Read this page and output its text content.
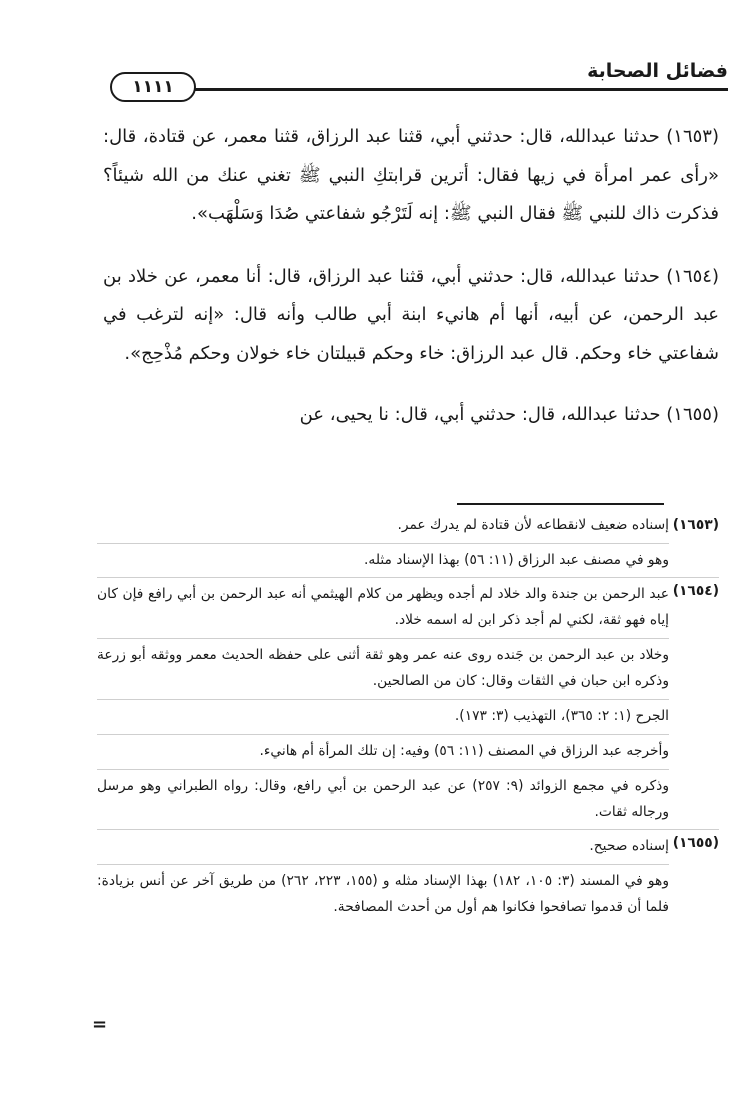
١١١١
فضائل الصحابة

(١٦٥٣) حدثنا عبدالله، قال: حدثني أبي، قثنا عبد الرزاق، قثنا معمر، عن قتادة، قال: «رأى عمر امرأة في زيها فقال: أترين قرابتكِ النبي ﷺ تغني عنك من الله شيئاً؟ فذكرت ذاك للنبي ﷺ فقال النبي ﷺ: إنه لَتَرْجُو شفاعتي صُدَا وَسَلْهَب».

(١٦٥٤) حدثنا عبدالله، قال: حدثني أبي، قثنا عبد الرزاق، قال: أنا معمر، عن خلاد بن عبد الرحمن، عن أبيه، أنها أم هانيء ابنة أبي طالب وأنه قال: «إنه لترغب في شفاعتي خاء وحكم. قال عبد الرزاق: خاء وحكم قبيلتان خاء خولان وحكم مُذْحِج».

(١٦٥٥) حدثنا عبدالله، قال: حدثني أبي، قال: نا يحيى، عن

(١٦٥٣)

إسناده ضعيف لانقطاعه لأن قتادة لم يدرك عمر.

وهو في مصنف عبد الرزاق (١١: ٥٦) بهذا الإسناد مثله.

(١٦٥٤)

عبد الرحمن بن جندة والد خلاد لم أجده ويظهر من كلام الهيثمي أنه عبد الرحمن بن أبي رافع فإن كان إياه فهو ثقة، لكني لم أجد ذكر ابن له اسمه خلاد.

وخلاد بن عبد الرحمن بن جَنده روى عنه عمر وهو ثقة أثنى على حفظه الحديث معمر ووثقه أبو زرعة وذكره ابن حبان في الثقات وقال: كان من الصالحين.

الجرح (١: ٢: ٣٦٥)، التهذيب (٣: ١٧٣).

وأخرجه عبد الرزاق في المصنف (١١: ٥٦) وفيه: إن تلك المرأة أم هانيء.

وذكره في مجمع الزوائد (٩: ٢٥٧) عن عبد الرحمن بن أبي رافع، وقال: رواه الطبراني وهو مرسل ورجاله ثقات.

(١٦٥٥)

إسناده صحيح.

وهو في المسند (٣: ١٠٥، ١٨٢) بهذا الإسناد مثله و (١٥٥، ٢٢٣، ٢٦٢) من طريق آخر عن أنس بزيادة: فلما أن قدموا تصافحوا فكانوا هم أول من أحدث المصافحة.

=
